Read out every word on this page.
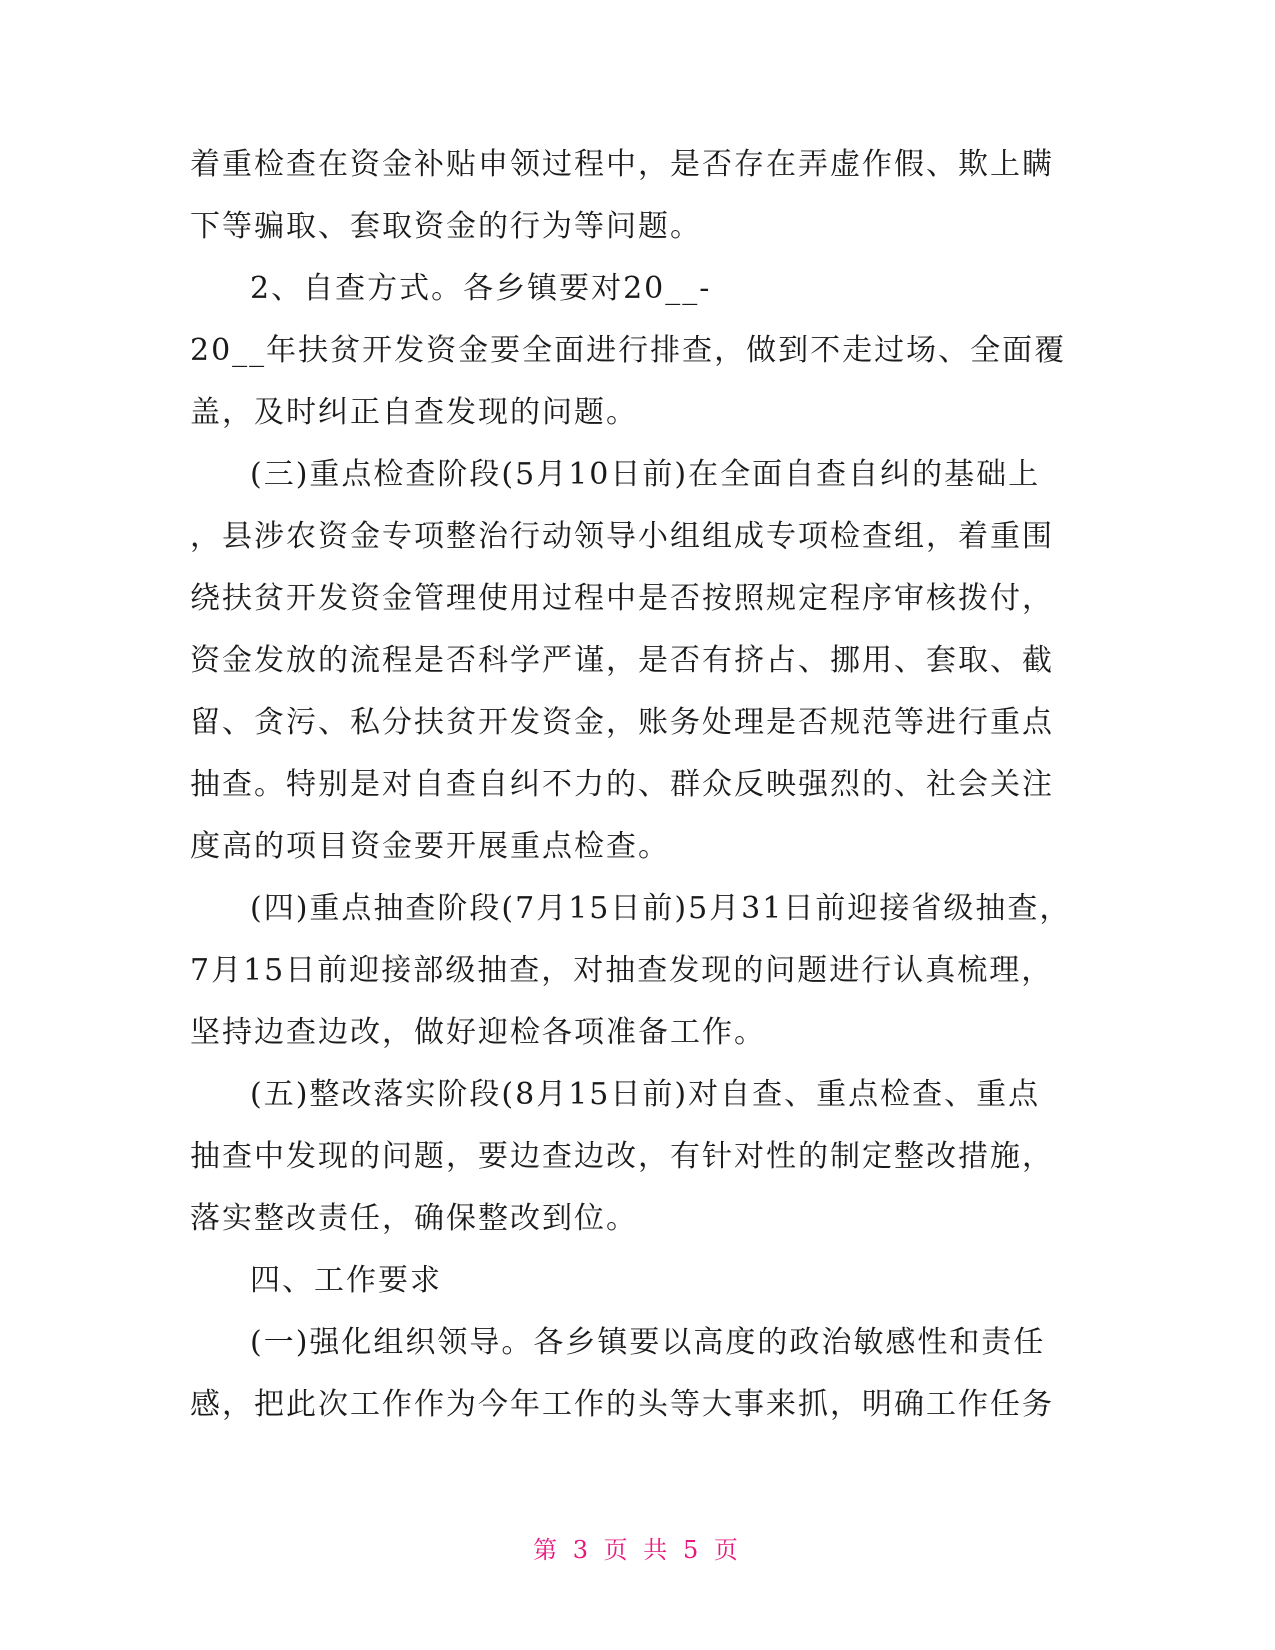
着重检查在资金补贴申领过程中，是否存在弄虚作假、欺上瞒
下等骗取、套取资金的行为等问题。
2、自查方式。各乡镇要对20__-
20__年扶贫开发资金要全面进行排查，做到不走过场、全面覆
盖，及时纠正自查发现的问题。
(三)重点检查阶段(5月10日前)在全面自查自纠的基础上
，县涉农资金专项整治行动领导小组组成专项检查组，着重围
绕扶贫开发资金管理使用过程中是否按照规定程序审核拨付，
资金发放的流程是否科学严谨，是否有挤占、挪用、套取、截
留、贪污、私分扶贫开发资金，账务处理是否规范等进行重点
抽查。特别是对自查自纠不力的、群众反映强烈的、社会关注
度高的项目资金要开展重点检查。
(四)重点抽查阶段(7月15日前)5月31日前迎接省级抽查，
7月15日前迎接部级抽查，对抽查发现的问题进行认真梳理，
坚持边查边改，做好迎检各项准备工作。
(五)整改落实阶段(8月15日前)对自查、重点检查、重点
抽查中发现的问题，要边查边改，有针对性的制定整改措施，
落实整改责任，确保整改到位。
四、工作要求
(一)强化组织领导。各乡镇要以高度的政治敏感性和责任
感，把此次工作作为今年工作的头等大事来抓，明确工作任务
第 3 页 共 5 页
